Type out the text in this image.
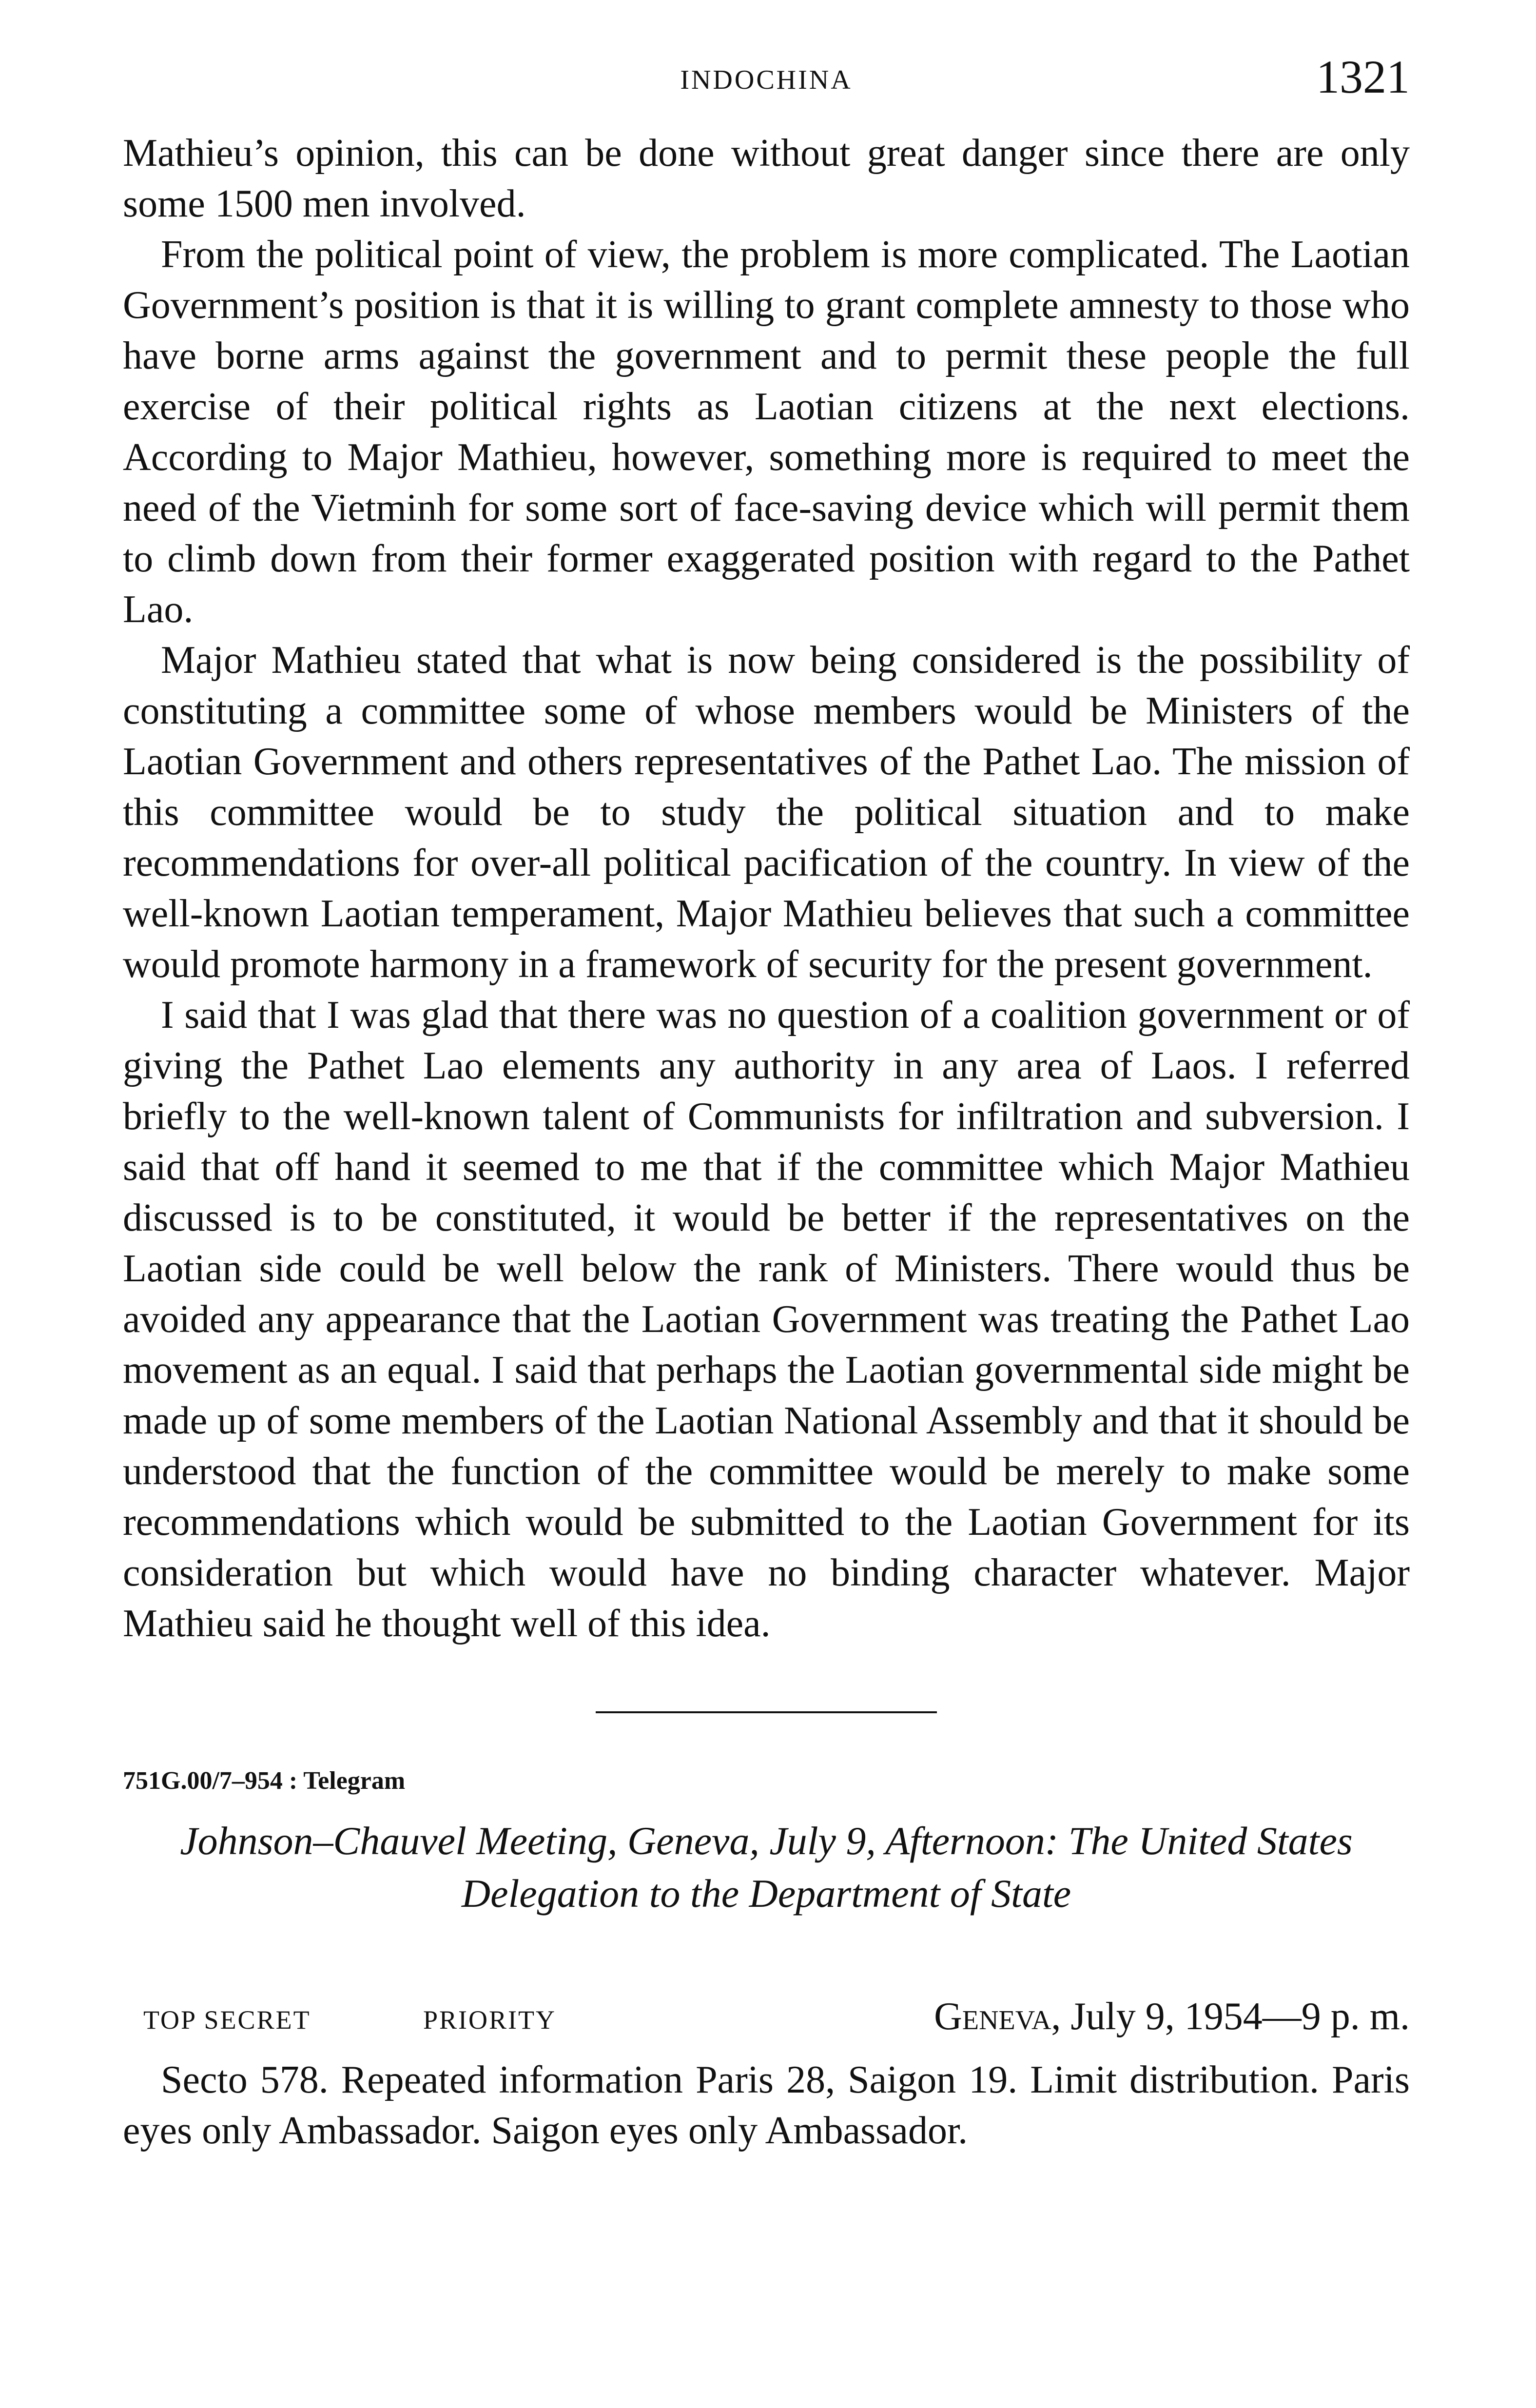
INDOCHINA	1321

Mathieu’s opinion, this can be done without great danger since there are only some 1500 men involved.

From the political point of view, the problem is more complicated. The Laotian Government’s position is that it is willing to grant complete amnesty to those who have borne arms against the government and to permit these people the full exercise of their political rights as Laotian citizens at the next elections. According to Major Mathieu, however, something more is required to meet the need of the Vietminh for some sort of face-saving device which will permit them to climb down from their former exaggerated position with regard to the Pathet Lao.

Major Mathieu stated that what is now being considered is the possibility of constituting a committee some of whose members would be Ministers of the Laotian Government and others representatives of the Pathet Lao. The mission of this committee would be to study the political situation and to make recommendations for over-all political pacification of the country. In view of the well-known Laotian temperament, Major Mathieu believes that such a committee would promote harmony in a framework of security for the present government.

I said that I was glad that there was no question of a coalition government or of giving the Pathet Lao elements any authority in any area of Laos. I referred briefly to the well-known talent of Communists for infiltration and subversion. I said that off hand it seemed to me that if the committee which Major Mathieu discussed is to be constituted, it would be better if the representatives on the Laotian side could be well below the rank of Ministers. There would thus be avoided any appearance that the Laotian Government was treating the Pathet Lao movement as an equal. I said that perhaps the Laotian governmental side might be made up of some members of the Laotian National Assembly and that it should be understood that the function of the committee would be merely to make some recommendations which would be submitted to the Laotian Government for its consideration but which would have no binding character whatever. Major Mathieu said he thought well of this idea.

751G.00/7–954 : Telegram

Johnson–Chauvel Meeting, Geneva, July 9, Afternoon: The United States Delegation to the Department of State

TOP SECRET	PRIORITY	Geneva, July 9, 1954—9 p. m.

Secto 578. Repeated information Paris 28, Saigon 19. Limit distribution. Paris eyes only Ambassador. Saigon eyes only Ambassador.
